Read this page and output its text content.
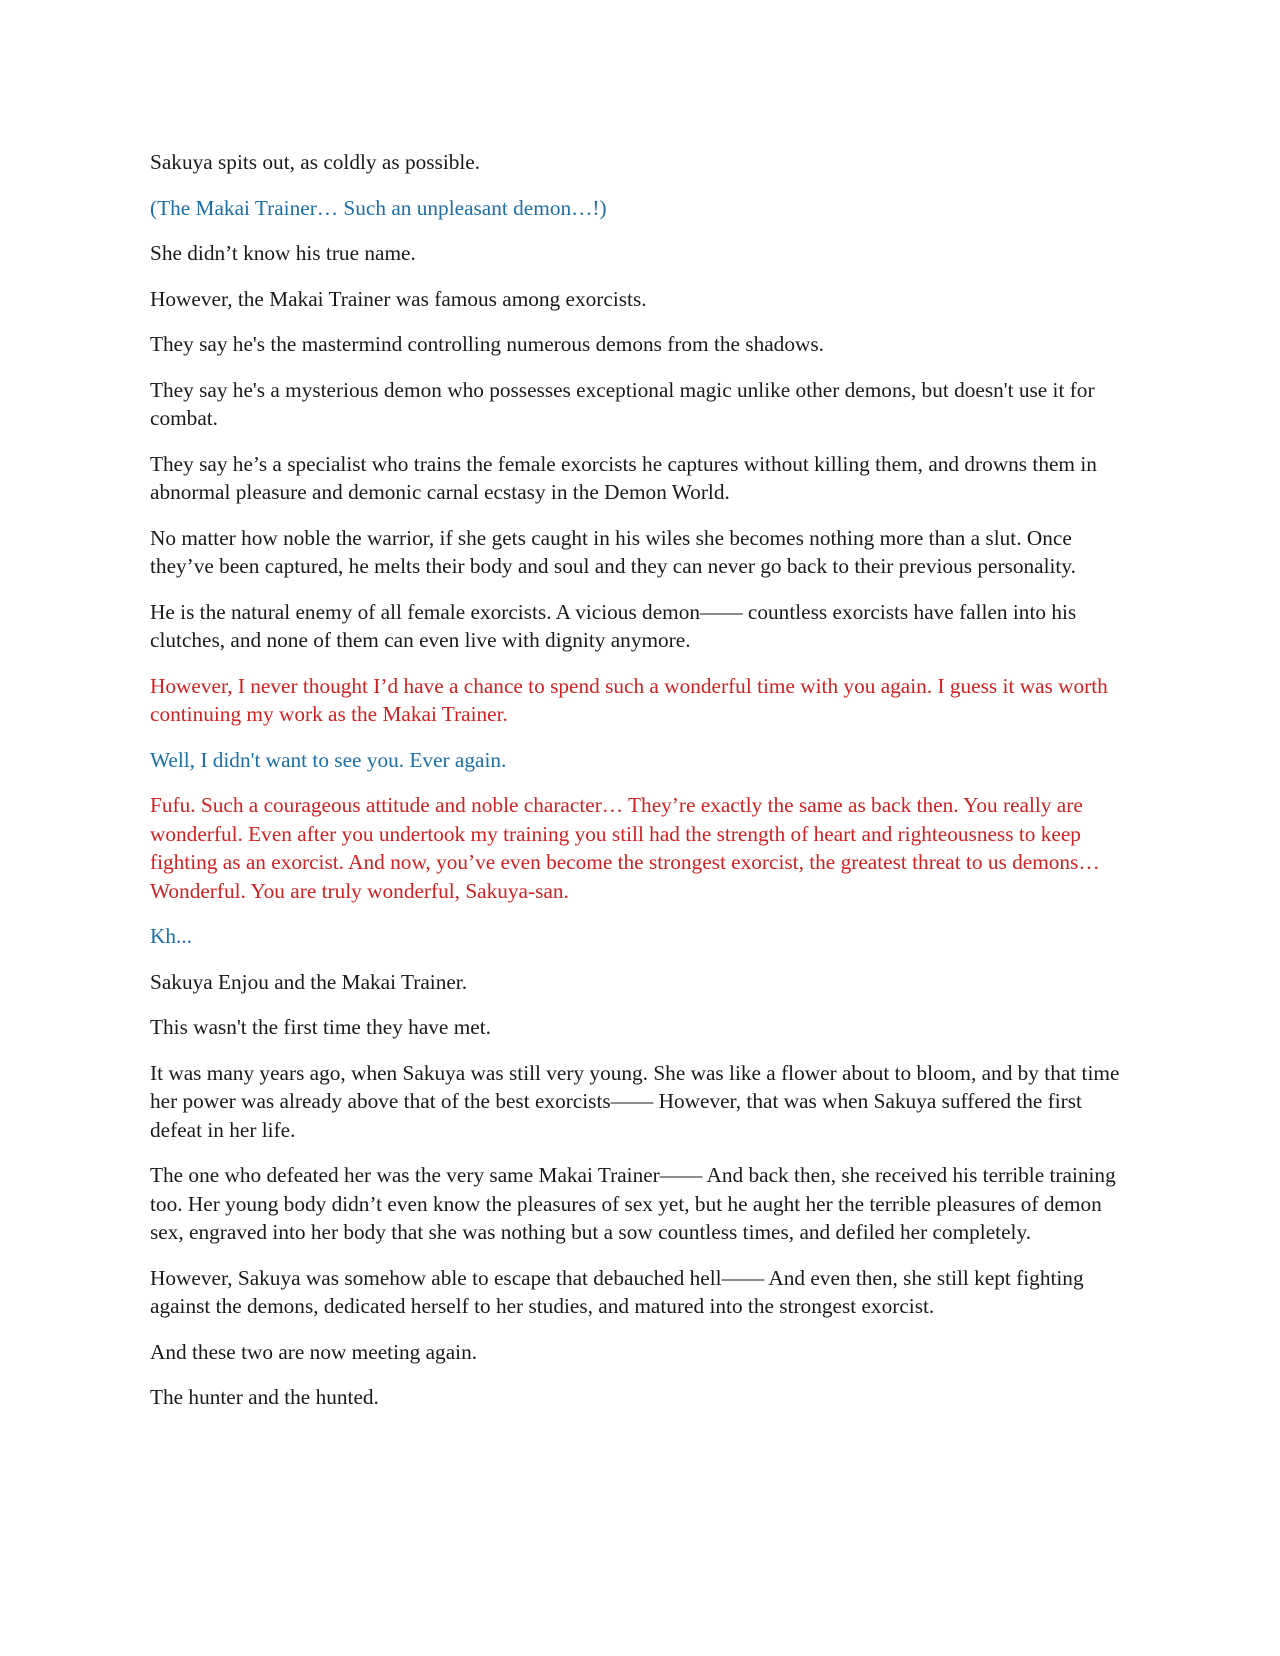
Sakuya spits out, as coldly as possible.

(The Makai Trainer… Such an unpleasant demon…!)

She didn’t know his true name.

However, the Makai Trainer was famous among exorcists.

They say he's the mastermind controlling numerous demons from the shadows.

They say he's a mysterious demon who possesses exceptional magic unlike other demons, but doesn't use it for combat.

They say he’s a specialist who trains the female exorcists he captures without killing them, and drowns them in abnormal pleasure and demonic carnal ecstasy in the Demon World.

No matter how noble the warrior, if she gets caught in his wiles she becomes nothing more than a slut. Once they’ve been captured, he melts their body and soul and they can never go back to their previous personality.

He is the natural enemy of all female exorcists. A vicious demon—— countless exorcists have fallen into his clutches, and none of them can even live with dignity anymore.

However, I never thought I’d have a chance to spend such a wonderful time with you again. I guess it was worth continuing my work as the Makai Trainer.

Well, I didn't want to see you. Ever again.

Fufu. Such a courageous attitude and noble character… They’re exactly the same as back then. You really are wonderful. Even after you undertook my training you still had the strength of heart and righteousness to keep fighting as an exorcist. And now, you’ve even become the strongest exorcist, the greatest threat to us demons… Wonderful. You are truly wonderful, Sakuya-san.

Kh...

Sakuya Enjou and the Makai Trainer.

This wasn't the first time they have met.

It was many years ago, when Sakuya was still very young. She was like a flower about to bloom, and by that time her power was already above that of the best exorcists—— However, that was when Sakuya suffered the first defeat in her life.

The one who defeated her was the very same Makai Trainer—— And back then, she received his terrible training too. Her young body didn’t even know the pleasures of sex yet, but he aught her the terrible pleasures of demon sex, engraved into her body that she was nothing but a sow countless times, and defiled her completely.

However, Sakuya was somehow able to escape that debauched hell—— And even then, she still kept fighting against the demons, dedicated herself to her studies, and matured into the strongest exorcist.

And these two are now meeting again.

The hunter and the hunted.
